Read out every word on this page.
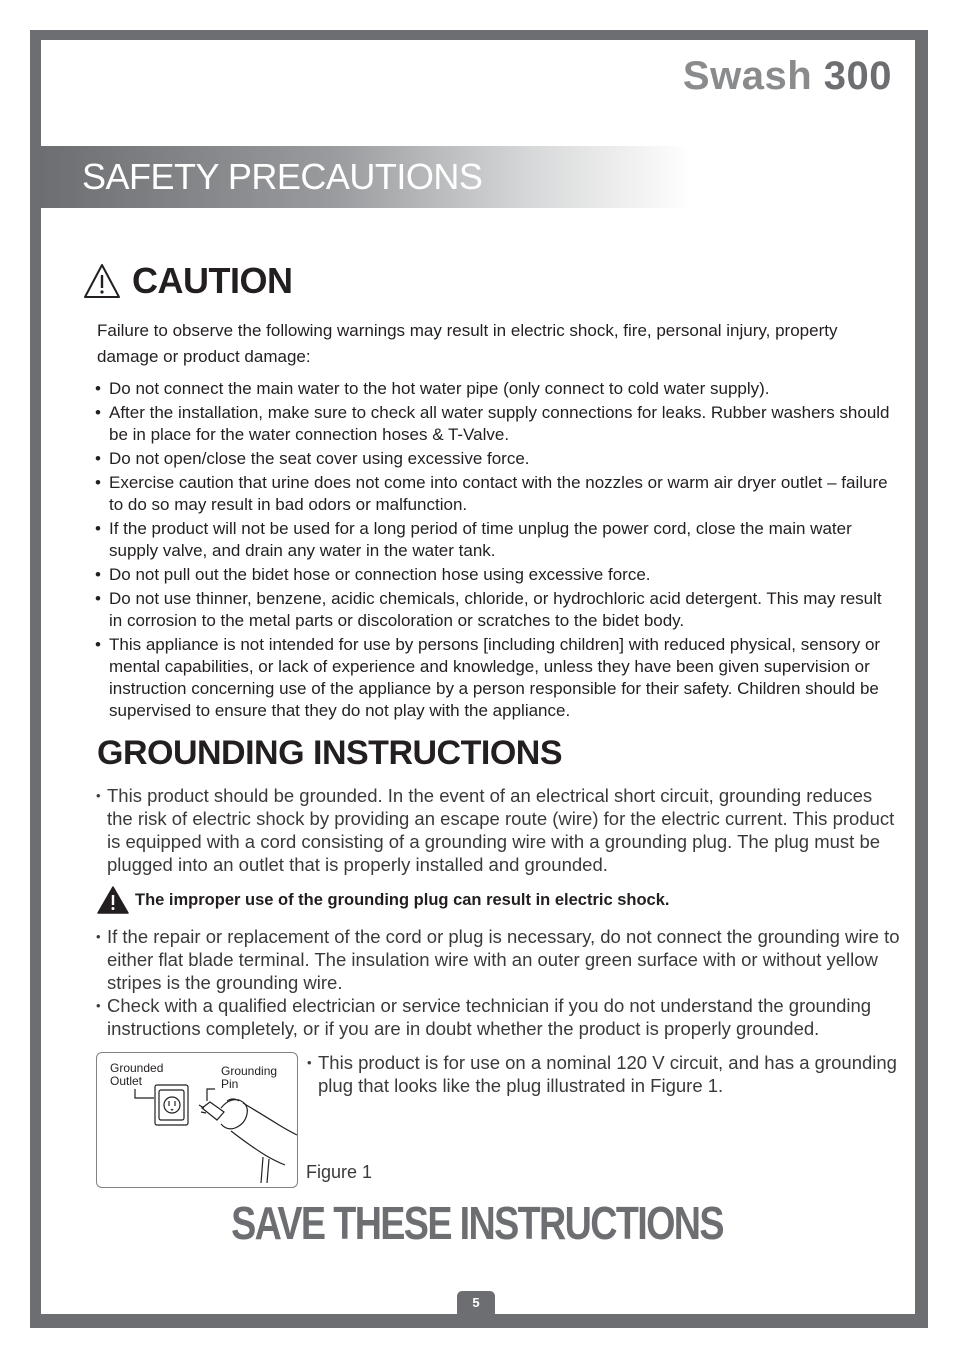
Swash 300
SAFETY PRECAUTIONS
CAUTION
Failure to observe the following warnings may result in electric shock, fire, personal injury, property damage or product damage:
• Do not connect the main water to the hot water pipe (only connect to cold water supply).
• After the installation, make sure to check all water supply connections for leaks. Rubber washers should be in place for the water connection hoses & T-Valve.
• Do not open/close the seat cover using excessive force.
• Exercise caution that urine does not come into contact with the nozzles or warm air dryer outlet – failure to do so may result in bad odors or malfunction.
• If the product will not be used for a long period of time unplug the power cord, close the main water supply valve, and drain any water in the water tank.
• Do not pull out the bidet hose or connection hose using excessive force.
• Do not use thinner, benzene, acidic chemicals, chloride, or hydrochloric acid detergent. This may result in corrosion to the metal parts or discoloration or scratches to the bidet body.
• This appliance is not intended for use by persons [including children] with reduced physical, sensory or mental capabilities, or lack of experience and knowledge, unless they have been given supervision or instruction concerning use of the appliance by a person responsible for their safety. Children should be supervised to ensure that they do not play with the appliance.
GROUNDING INSTRUCTIONS
• This product should be grounded. In the event of an electrical short circuit, grounding reduces the risk of electric shock by providing an escape route (wire) for the electric current. This product is equipped with a cord consisting of a grounding wire with a grounding plug. The plug must be plugged into an outlet that is properly installed and grounded.
The improper use of the grounding plug can result in electric shock.
• If the repair or replacement of the cord or plug is necessary, do not connect the grounding wire to either flat blade terminal. The insulation wire with an outer green surface with or without yellow stripes is the grounding wire.
• Check with a qualified electrician or service technician if you do not understand the grounding instructions completely, or if you are in doubt whether the product is properly grounded.
Grounded
Outlet
Grounding
Pin
• This product is for use on a nominal 120 V circuit, and has a grounding plug that looks like the plug illustrated in Figure 1.
Figure 1
SAVE THESE INSTRUCTIONS
5
